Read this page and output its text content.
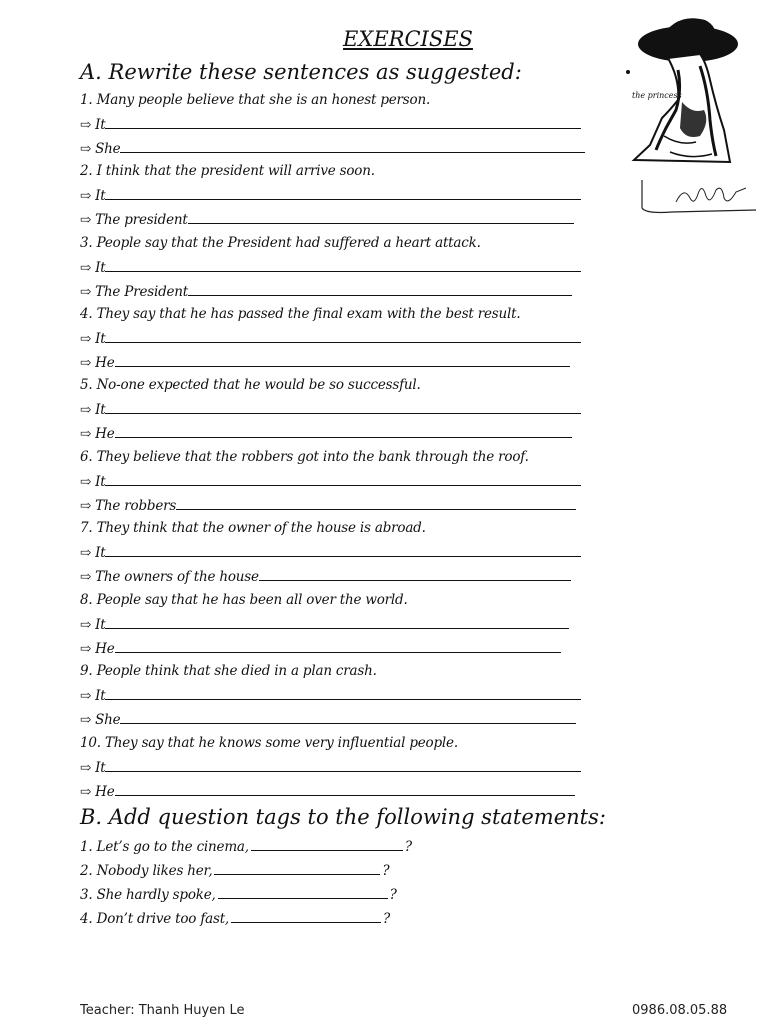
EXERCISES
A. Rewrite these sentences as suggested:
1. Many people believe that she is an honest person.
⇨ It
⇨ She
2. I think that the president will arrive soon.
⇨ It
⇨ The president
3. People say that the President had suffered a heart attack.
⇨ It
⇨ The President
4. They say that he has passed the final exam with the best result.
⇨ It
⇨ He
5. No-one expected that he would be so successful.
⇨ It
⇨ He
6. They believe that the robbers got into the bank through the roof.
⇨ It
⇨ The robbers
7. They think that the owner of the house is abroad.
⇨ It
⇨ The owners of the house
8. People say that he has been all over the world.
⇨ It
⇨ He
9. People think that she died in a plan crash.
⇨ It
⇨ She
10. They say that he knows some very influential people.
⇨ It
⇨ He
B. Add question tags to the following statements:
1. Let’s go to the cinema,	?
2. Nobody likes her,	?
3. She hardly spoke,	?
4. Don’t drive too fast,	?
the princess
Teacher: Thanh Huyen Le	0986.08.05.88
